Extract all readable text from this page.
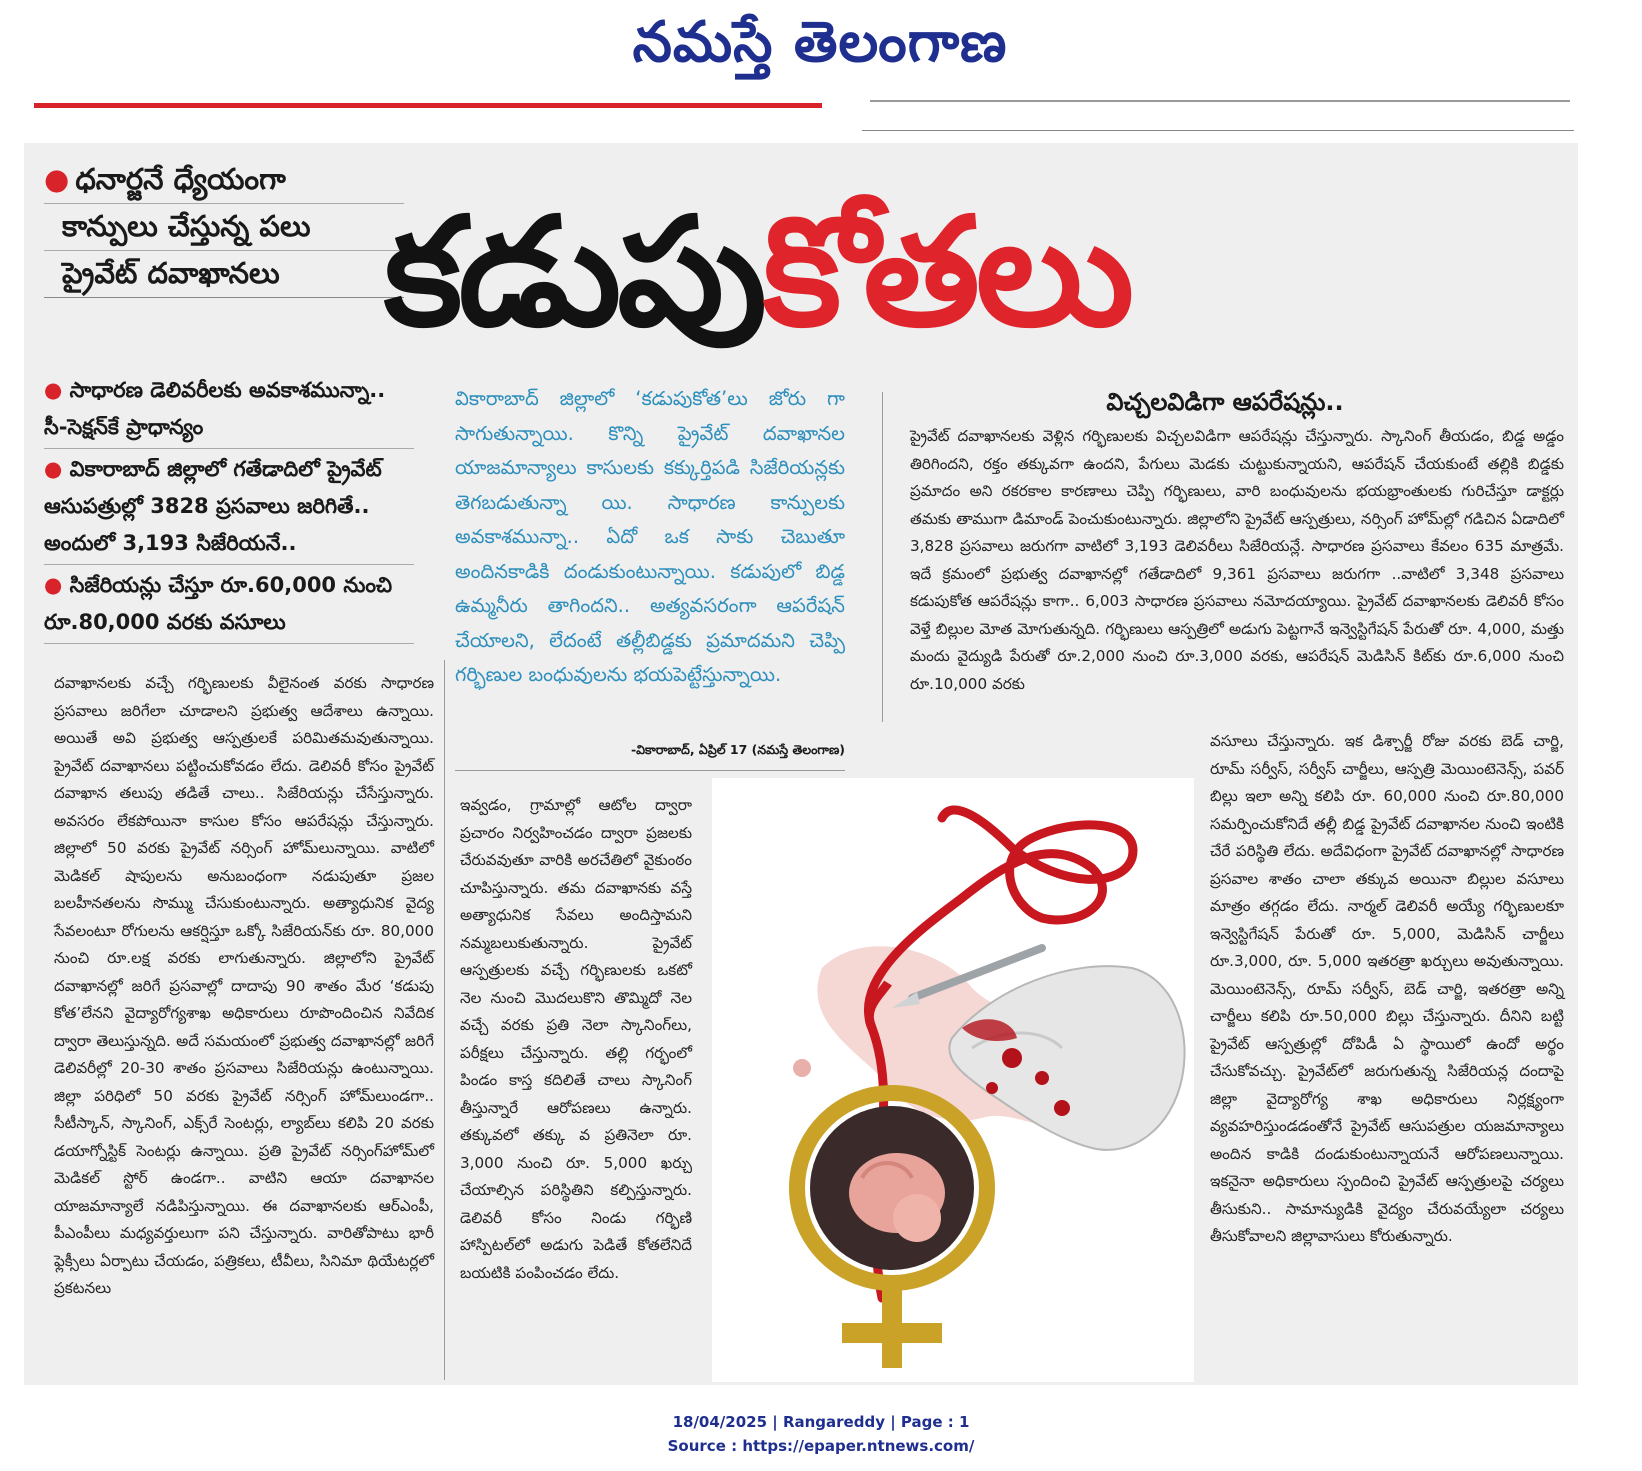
నమస్తే తెలంగాణ
● ధనార్జనే ధ్యేయంగా
కాన్పులు చేస్తున్న పలు
ప్రైవేట్ దవాఖానలు కడుపుకోతలు
● సాధారణ డెలివరీలకు అవకాశమున్నా.. సీ-సెక్షన్‌కే ప్రాధాన్యం
● వికారాబాద్ జిల్లాలో గతేడాదిలో ప్రైవేట్ ఆసుపత్రుల్లో 3828 ప్రసవాలు జరిగితే.. అందులో 3,193 సిజేరియనే..
● సిజేరియన్లు చేస్తూ రూ.60,000 నుంచి రూ.80,000 వరకు వసూలు
వికారాబాద్ జిల్లాలో ‘కడుపుకోత’లు జోరు గా సాగుతున్నాయి. కొన్ని ప్రైవేట్ దవాఖానల యాజమాన్యాలు కాసులకు కక్కుర్తిపడి సిజేరియన్లకు తెగబడుతున్నా యి. సాధారణ కాన్పులకు అవకాశమున్నా.. ఏదో ఒక సాకు చెబుతూ అందినకాడికి దండుకుంటున్నాయి. కడుపులో బిడ్డ ఉమ్మనీరు తాగిందని.. అత్యవసరంగా ఆపరేషన్ చేయాలని, లేదంటే తల్లీబిడ్డకు ప్రమాదమని చెప్పి గర్భిణుల బంధువులను భయపెట్టేస్తున్నాయి.
-వికారాబాద్, ఏప్రిల్ 17 (నమస్తే తెలంగాణ)
విచ్చలవిడిగా ఆపరేషన్లు..
దవాఖానలకు వచ్చే గర్భిణులకు వీలైనంత వరకు సాధారణ ప్రసవాలు జరిగేలా చూడాలని ప్రభుత్వ ఆదేశాలు ఉన్నాయి. అయితే అవి ప్రభుత్వ ఆస్పత్రులకే పరిమితమవుతున్నాయి. ప్రైవేట్ దవాఖానలు పట్టించుకోవడం లేదు. డెలివరీ కోసం ప్రైవేట్ దవాఖాన తలుపు తడితే చాలు.. సిజేరియన్లు చేసేస్తున్నారు. అవసరం లేకపోయినా కాసుల కోసం ఆపరేషన్లు చేస్తున్నారు. జిల్లాలో 50 వరకు ప్రైవేట్ నర్సింగ్ హోమ్‌లున్నాయి. వాటిలో మెడికల్ షాపులను అనుబంధంగా నడుపుతూ ప్రజల బలహీనతలను సొమ్ము చేసుకుంటున్నారు. అత్యాధునిక వైద్య సేవలంటూ రోగులను ఆకర్షిస్తూ ఒక్కో సిజేరియన్‌కు రూ. 80,000 నుంచి రూ.లక్ష వరకు లాగుతున్నారు. జిల్లాలోని ప్రైవేట్ దవాఖానల్లో జరిగే ప్రసవాల్లో దాదాపు 90 శాతం మేర ‘కడుపు కోత’లేనని వైద్యారోగ్యశాఖ అధికారులు రూపొందించిన నివేదిక ద్వారా తెలుస్తున్నది. అదే సమయంలో ప్రభుత్వ దవాఖానల్లో జరిగే డెలివరీల్లో 20-30 శాతం ప్రసవాలు సిజేరియన్లు ఉంటున్నాయి. జిల్లా పరిధిలో 50 వరకు ప్రైవేట్ నర్సింగ్ హోమ్‌లుండగా.. సీటీస్కాన్, స్కానింగ్, ఎక్స్‌రే సెంటర్లు, ల్యాబ్‌లు కలిపి 20 వరకు డయాగ్నోస్టిక్ సెంటర్లు ఉన్నాయి. ప్రతి ప్రైవేట్ నర్సింగ్‌హోమ్‌లో మెడికల్ స్టోర్ ఉండగా.. వాటిని ఆయా దవాఖానల యాజమాన్యాలే నడిపిస్తున్నాయి. ఈ దవాఖానలకు ఆర్‌ఎంపీ, పీఎంపీలు మధ్యవర్తులుగా పని చేస్తున్నారు. వారితోపాటు భారీ ఫ్లెక్సీలు ఏర్పాటు చేయడం, పత్రికలు, టీవీలు, సినిమా థియేటర్లలో ప్రకటనలు
ఇవ్వడం, గ్రామాల్లో ఆటోల ద్వారా ప్రచారం నిర్వహించడం ద్వారా ప్రజలకు చేరువవుతూ వారికి అరచేతిలో వైకుంఠం చూపిస్తున్నారు. తమ దవాఖానకు వస్తే అత్యాధునిక సేవలు అందిస్తామని నమ్మబలుకుతున్నారు. ప్రైవేట్ ఆస్పత్రులకు వచ్చే గర్భిణులకు ఒకటో నెల నుంచి మొదలుకొని తొమ్మిదో నెల వచ్చే వరకు ప్రతి నెలా స్కానింగ్‌లు, పరీక్షలు చేస్తున్నారు. తల్లి గర్భంలో పిండం కాస్త కదిలితే చాలు స్కానింగ్ తీస్తున్నారే ఆరోపణలు ఉన్నారు. తక్కువలో తక్కు వ ప్రతినెలా రూ. 3,000 నుంచి రూ. 5,000 ఖర్చు చేయాల్సిన పరిస్థితిని కల్పిస్తున్నారు. డెలివరీ కోసం నిండు గర్భిణి హాస్పిటల్‌లో అడుగు పెడితే కోతలేనిదే బయటికి పంపించడం లేదు.
ప్రైవేట్ దవాఖానలకు వెళ్లిన గర్భిణులకు విచ్చలవిడిగా ఆపరేషన్లు చేస్తున్నారు. స్కానింగ్ తీయడం, బిడ్డ అడ్డం తిరిగిందని, రక్తం తక్కువగా ఉందని, పేగులు మెడకు చుట్టుకున్నాయని, ఆపరేషన్ చేయకుంటే తల్లికి బిడ్డకు ప్రమాదం అని రకరకాల కారణాలు చెప్పి గర్భిణులు, వారి బంధువులను భయభ్రాంతులకు గురిచేస్తూ డాక్టర్లు తమకు తాముగా డిమాండ్ పెంచుకుంటున్నారు. జిల్లాలోని ప్రైవేట్ ఆస్పత్రులు, నర్సింగ్ హోమ్‌ల్లో గడిచిన ఏడాదిలో 3,828 ప్రసవాలు జరుగగా వాటిలో 3,193 డెలివరీలు సిజేరియన్లే. సాధారణ ప్రసవాలు కేవలం 635 మాత్రమే. ఇదే క్రమంలో ప్రభుత్వ దవాఖానల్లో గతేడాదిలో 9,361 ప్రసవాలు జరుగగా ..వాటిలో 3,348 ప్రసవాలు కడుపుకోత ఆపరేషన్లు కాగా.. 6,003 సాధారణ ప్రసవాలు నమోదయ్యాయి. ప్రైవేట్ దవాఖానలకు డెలివరీ కోసం వెళ్తే బిల్లుల మోత మోగుతున్నది. గర్భిణులు ఆస్పత్రిలో అడుగు పెట్టగానే ఇన్వెస్టిగేషన్ పేరుతో రూ. 4,000, మత్తు మందు వైద్యుడి పేరుతో రూ.2,000 నుంచి రూ.3,000 వరకు, ఆపరేషన్ మెడిసిన్ కిట్‌కు రూ.6,000 నుంచి రూ.10,000 వరకు
వసూలు చేస్తున్నారు. ఇక డిశ్చార్జీ రోజు వరకు బెడ్ చార్జి, రూమ్ సర్వీస్, సర్వీస్ చార్జీలు, ఆస్పత్రి మెయింటెనెన్స్, పవర్ బిల్లు ఇలా అన్ని కలిపి రూ. 60,000 నుంచి రూ.80,000 సమర్పించుకోనిదే తల్లీ బిడ్డ ప్రైవేట్ దవాఖానల నుంచి ఇంటికి చేరే పరిస్థితి లేదు. అదేవిధంగా ప్రైవేట్ దవాఖానల్లో సాధారణ ప్రసవాల శాతం చాలా తక్కువ అయినా బిల్లుల వసూలు మాత్రం తగ్గడం లేదు. నార్మల్ డెలివరీ అయ్యే గర్భిణులకూ ఇన్వెస్టిగేషన్ పేరుతో రూ. 5,000, మెడిసిన్ చార్జీలు రూ.3,000, రూ. 5,000 ఇతరత్రా ఖర్చులు అవుతున్నాయి. మెయింటెనెన్స్, రూమ్ సర్వీస్, బెడ్ చార్జి, ఇతరత్రా అన్ని చార్జీలు కలిపి రూ.50,000 బిల్లు చేస్తున్నారు. దీనిని బట్టి ప్రైవేట్ ఆస్పత్రుల్లో దోపిడీ ఏ స్థాయిలో ఉందో అర్థం చేసుకోవచ్చు. ప్రైవేట్‌లో జరుగుతున్న సిజేరియన్ల దందాపై జిల్లా వైద్యారోగ్య శాఖ అధికారులు నిర్లక్ష్యంగా వ్యవహరిస్తుండడంతోనే ప్రైవేట్ ఆసుపత్రుల యజమాన్యాలు అందిన కాడికి దండుకుంటున్నాయనే ఆరోపణలున్నాయి. ఇకనైనా అధికారులు స్పందించి ప్రైవేట్ ఆస్పత్రులపై చర్యలు తీసుకుని.. సామాన్యుడికి వైద్యం చేరువయ్యేలా చర్యలు తీసుకోవాలని జిల్లావాసులు కోరుతున్నారు.
18/04/2025 | Rangareddy | Page : 1
Source : https://epaper.ntnews.com/
